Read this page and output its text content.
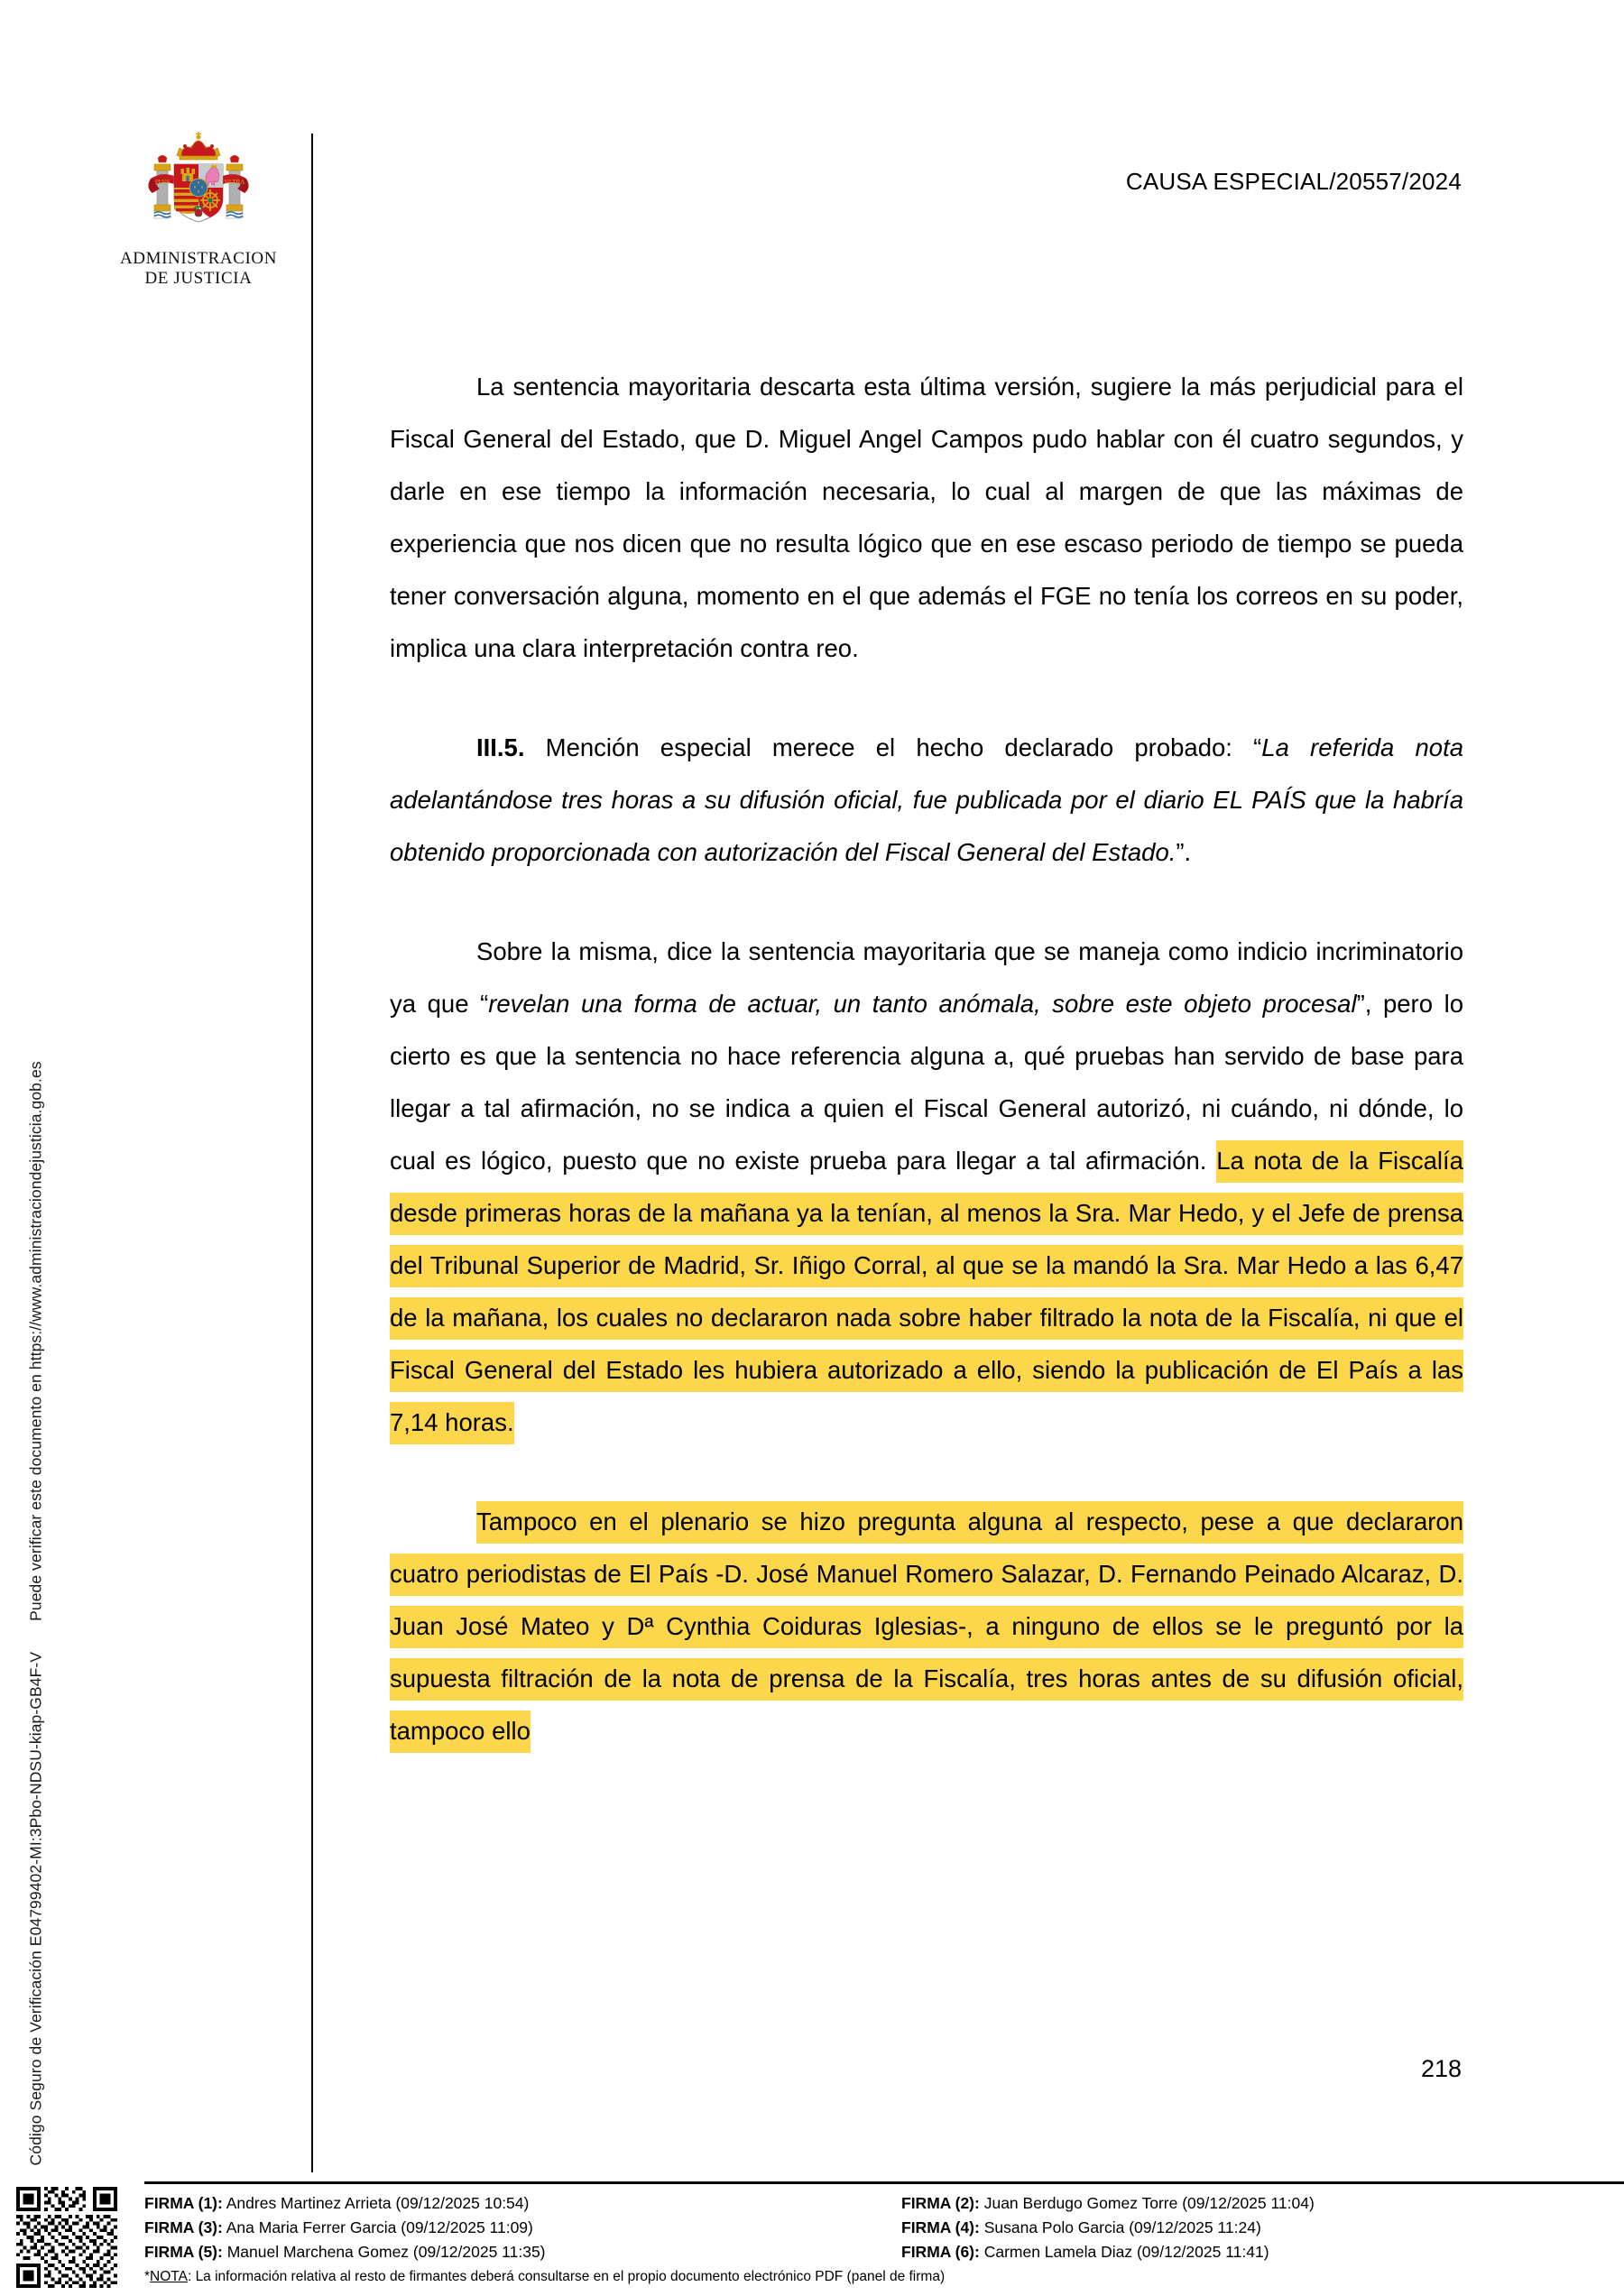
Código Seguro de Verificación E04799402-MI:3Pbo-NDSU-kiap-GB4F-VPuede verificar este documento en https://www.administraciondejusticia.gob.es
PLVS	VLTRA
ADMINISTRACION
DE JUSTICIA
CAUSA ESPECIAL/20557/2024

La sentencia mayoritaria descarta esta última versión, sugiere la más perjudicial para el Fiscal General del Estado, que D. Miguel Angel Campos pudo hablar con él cuatro segundos, y darle en ese tiempo la información necesaria, lo cual al margen de que las máximas de experiencia que nos dicen que no resulta lógico que en ese escaso periodo de tiempo se pueda tener conversación alguna, momento en el que además el FGE no tenía los correos en su poder, implica una clara interpretación contra reo.

III.5. Mención especial merece el hecho declarado probado: “La referida nota adelantándose tres horas a su difusión oficial, fue publicada por el diario EL PAÍS que la habría obtenido proporcionada con autorización del Fiscal General del Estado.”.

Sobre la misma, dice la sentencia mayoritaria que se maneja como indicio incriminatorio ya que “revelan una forma de actuar, un tanto anómala, sobre este objeto procesal”, pero lo cierto es que la sentencia no hace referencia alguna a, qué pruebas han servido de base para llegar a tal afirmación, no se indica a quien el Fiscal General autorizó, ni cuándo, ni dónde, lo cual es lógico, puesto que no existe prueba para llegar a tal afirmación. La nota de la Fiscalía desde primeras horas de la mañana ya la tenían, al menos la Sra. Mar Hedo, y el Jefe de prensa del Tribunal Superior de Madrid, Sr. Iñigo Corral, al que se la mandó la Sra. Mar Hedo a las 6,47 de la mañana, los cuales no declararon nada sobre haber filtrado la nota de la Fiscalía, ni que el Fiscal General del Estado les hubiera autorizado a ello, siendo la publicación de El País a las 7,14 horas.

Tampoco en el plenario se hizo pregunta alguna al respecto, pese a que declararon cuatro periodistas de El País -D. José Manuel Romero Salazar, D. Fernando Peinado Alcaraz, D. Juan José Mateo y Dª Cynthia Coiduras Iglesias-, a ninguno de ellos se le preguntó por la supuesta filtración de la nota de prensa de la Fiscalía, tres horas antes de su difusión oficial, tampoco ello

218
FIRMA (1): Andres Martinez Arrieta (09/12/2025 10:54)	FIRMA (2): Juan Berdugo Gomez Torre (09/12/2025 11:04)
FIRMA (3): Ana Maria Ferrer Garcia (09/12/2025 11:09)	FIRMA (4): Susana Polo Garcia (09/12/2025 11:24)
FIRMA (5): Manuel Marchena Gomez (09/12/2025 11:35)	FIRMA (6): Carmen Lamela Diaz (09/12/2025 11:41)
*NOTA: La información relativa al resto de firmantes deberá consultarse en el propio documento electrónico PDF (panel de firma)
